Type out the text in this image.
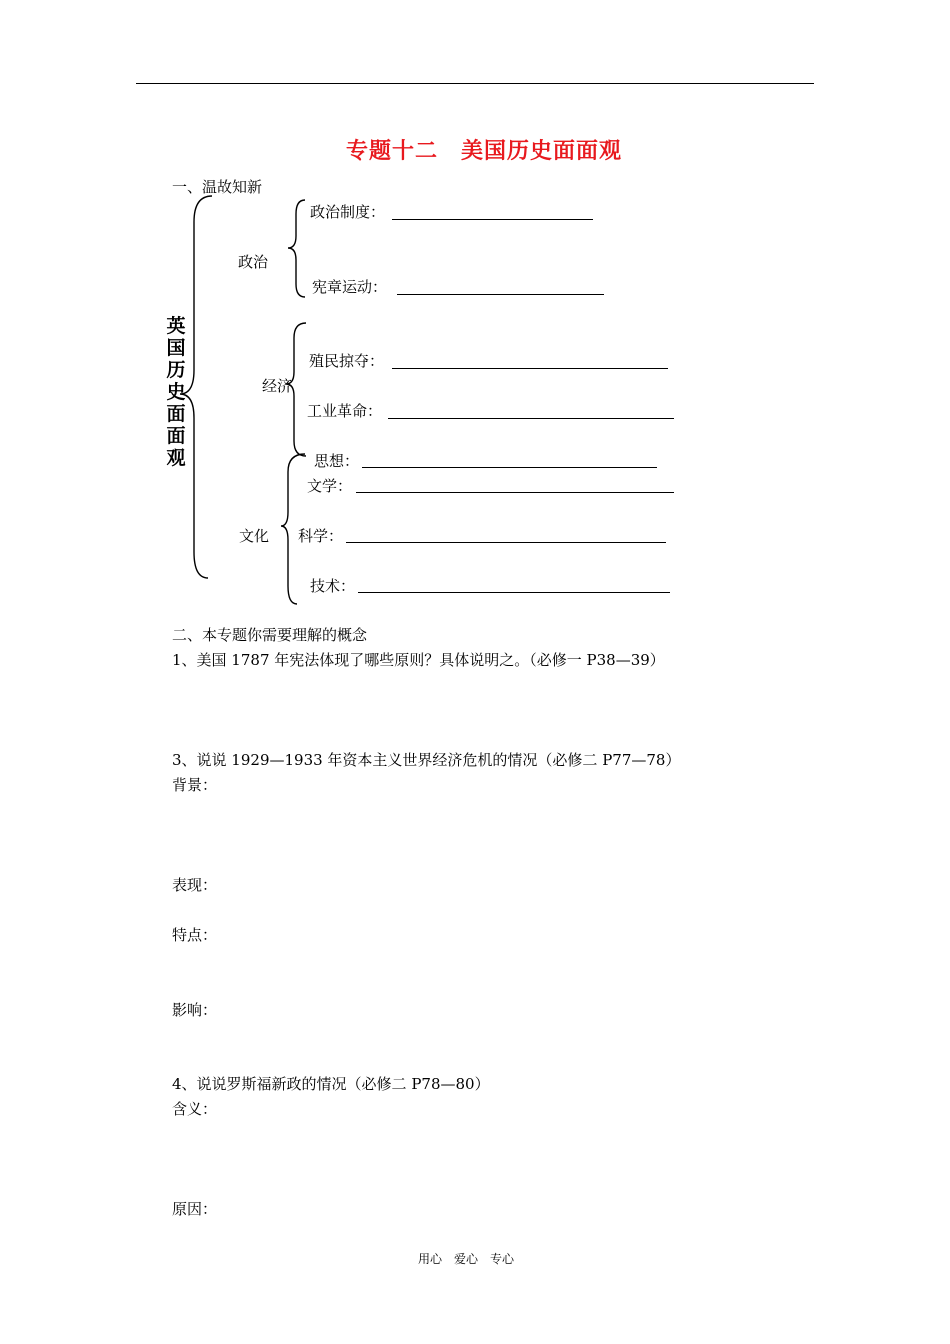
专题十二　美国历史面面观
一、温故知新
英国历史面面观
政治
政治制度：
宪章运动：
经济
殖民掠夺：
工业革命：
文化
思想：
文学：
科学：
技术：
二、本专题你需要理解的概念
1、美国 1787 年宪法体现了哪些原则？具体说明之。（必修一 P38—39）
3、说说 1929—1933 年资本主义世界经济危机的情况（必修二 P77—78）
背景：
表现：
特点：
影响：
4、说说罗斯福新政的情况（必修二 P78—80）
含义：
原因：
用心　爱心　专心
